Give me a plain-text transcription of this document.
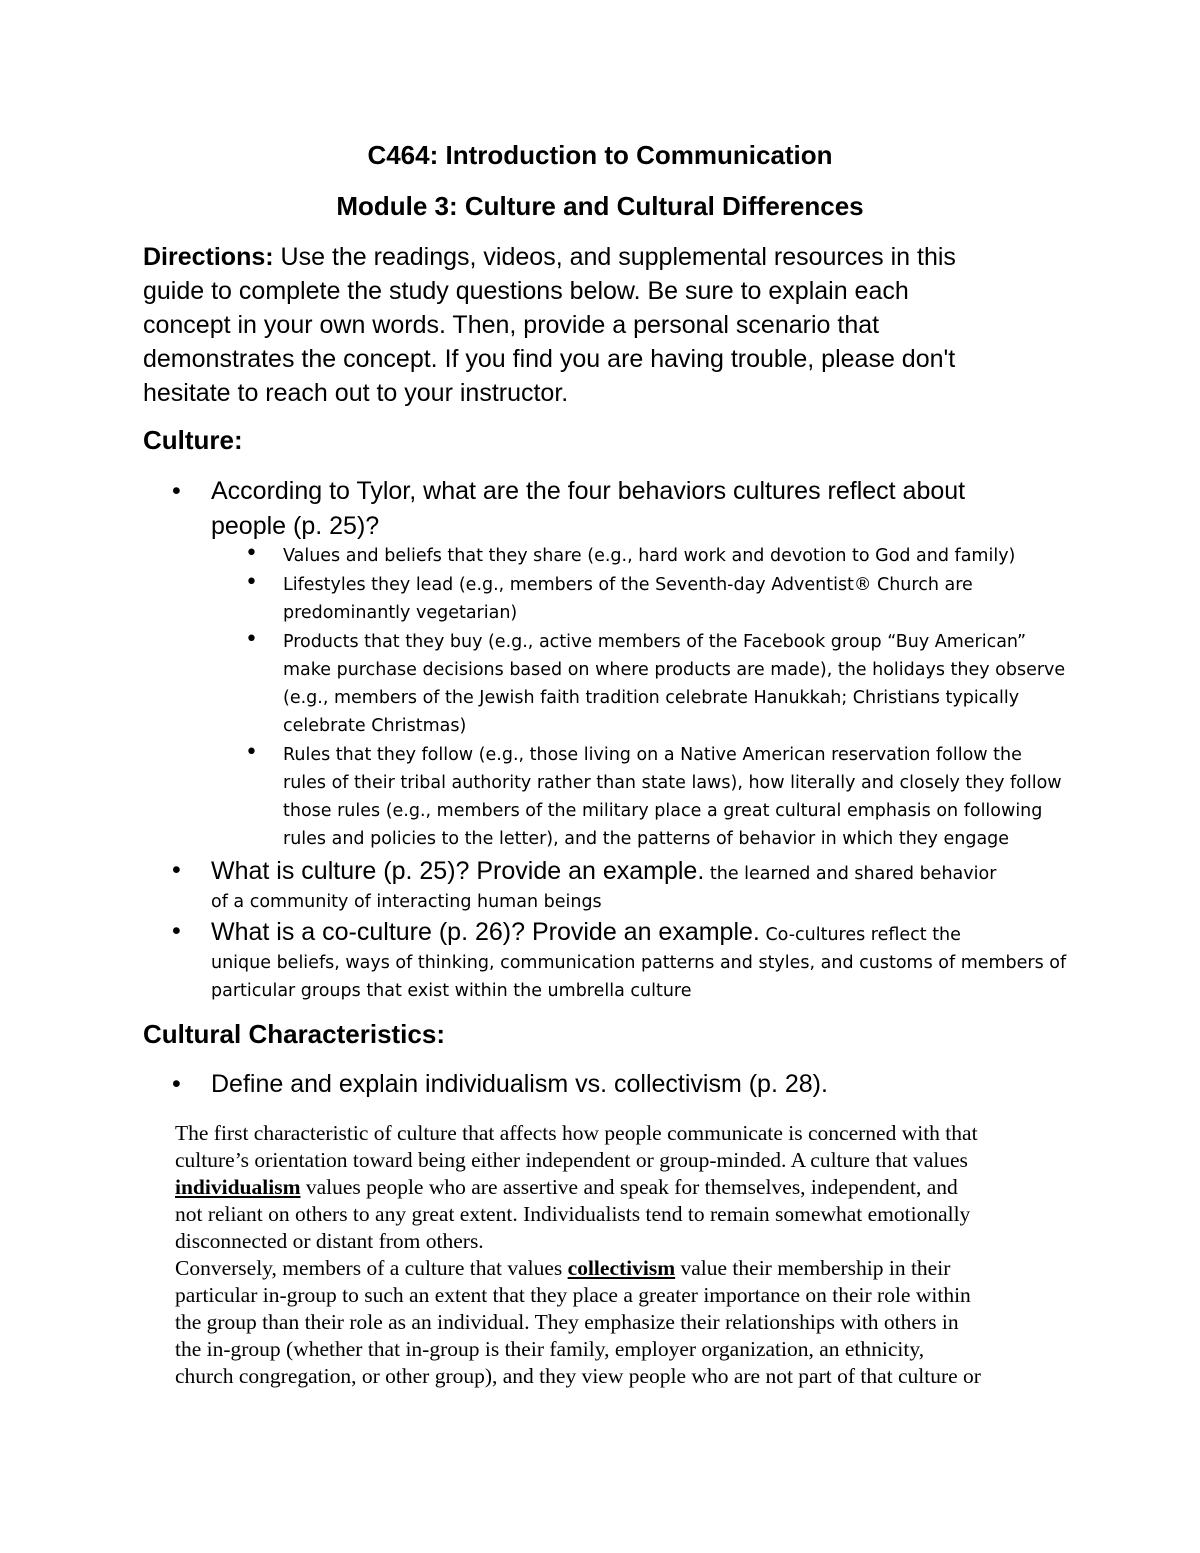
C464: Introduction to Communication
Module 3: Culture and Cultural Differences
Directions: Use the readings, videos, and supplemental resources in this
guide to complete the study questions below. Be sure to explain each
concept in your own words. Then, provide a personal scenario that
demonstrates the concept. If you find you are having trouble, please don't
hesitate to reach out to your instructor.
Culture:
• According to Tylor, what are the four behaviors cultures reflect about
people (p. 25)?
• Values and beliefs that they share (e.g., hard work and devotion to God and family)
• Lifestyles they lead (e.g., members of the Seventh-day Adventist® Church are
predominantly vegetarian)
• Products that they buy (e.g., active members of the Facebook group “Buy American”
make purchase decisions based on where products are made), the holidays they observe
(e.g., members of the Jewish faith tradition celebrate Hanukkah; Christians typically
celebrate Christmas)
• Rules that they follow (e.g., those living on a Native American reservation follow the
rules of their tribal authority rather than state laws), how literally and closely they follow
those rules (e.g., members of the military place a great cultural emphasis on following
rules and policies to the letter), and the patterns of behavior in which they engage
• What is culture (p. 25)? Provide an example. the learned and shared behavior
of a community of interacting human beings
• What is a co-culture (p. 26)? Provide an example. Co-cultures reflect the
unique beliefs, ways of thinking, communication patterns and styles, and customs of members of
particular groups that exist within the umbrella culture
Cultural Characteristics:
• Define and explain individualism vs. collectivism (p. 28).
The first characteristic of culture that affects how people communicate is concerned with that
culture’s orientation toward being either independent or group-minded. A culture that values
individualism values people who are assertive and speak for themselves, independent, and
not reliant on others to any great extent. Individualists tend to remain somewhat emotionally
disconnected or distant from others.
Conversely, members of a culture that values collectivism value their membership in their
particular in-group to such an extent that they place a greater importance on their role within
the group than their role as an individual. They emphasize their relationships with others in
the in-group (whether that in-group is their family, employer organization, an ethnicity,
church congregation, or other group), and they view people who are not part of that culture or
